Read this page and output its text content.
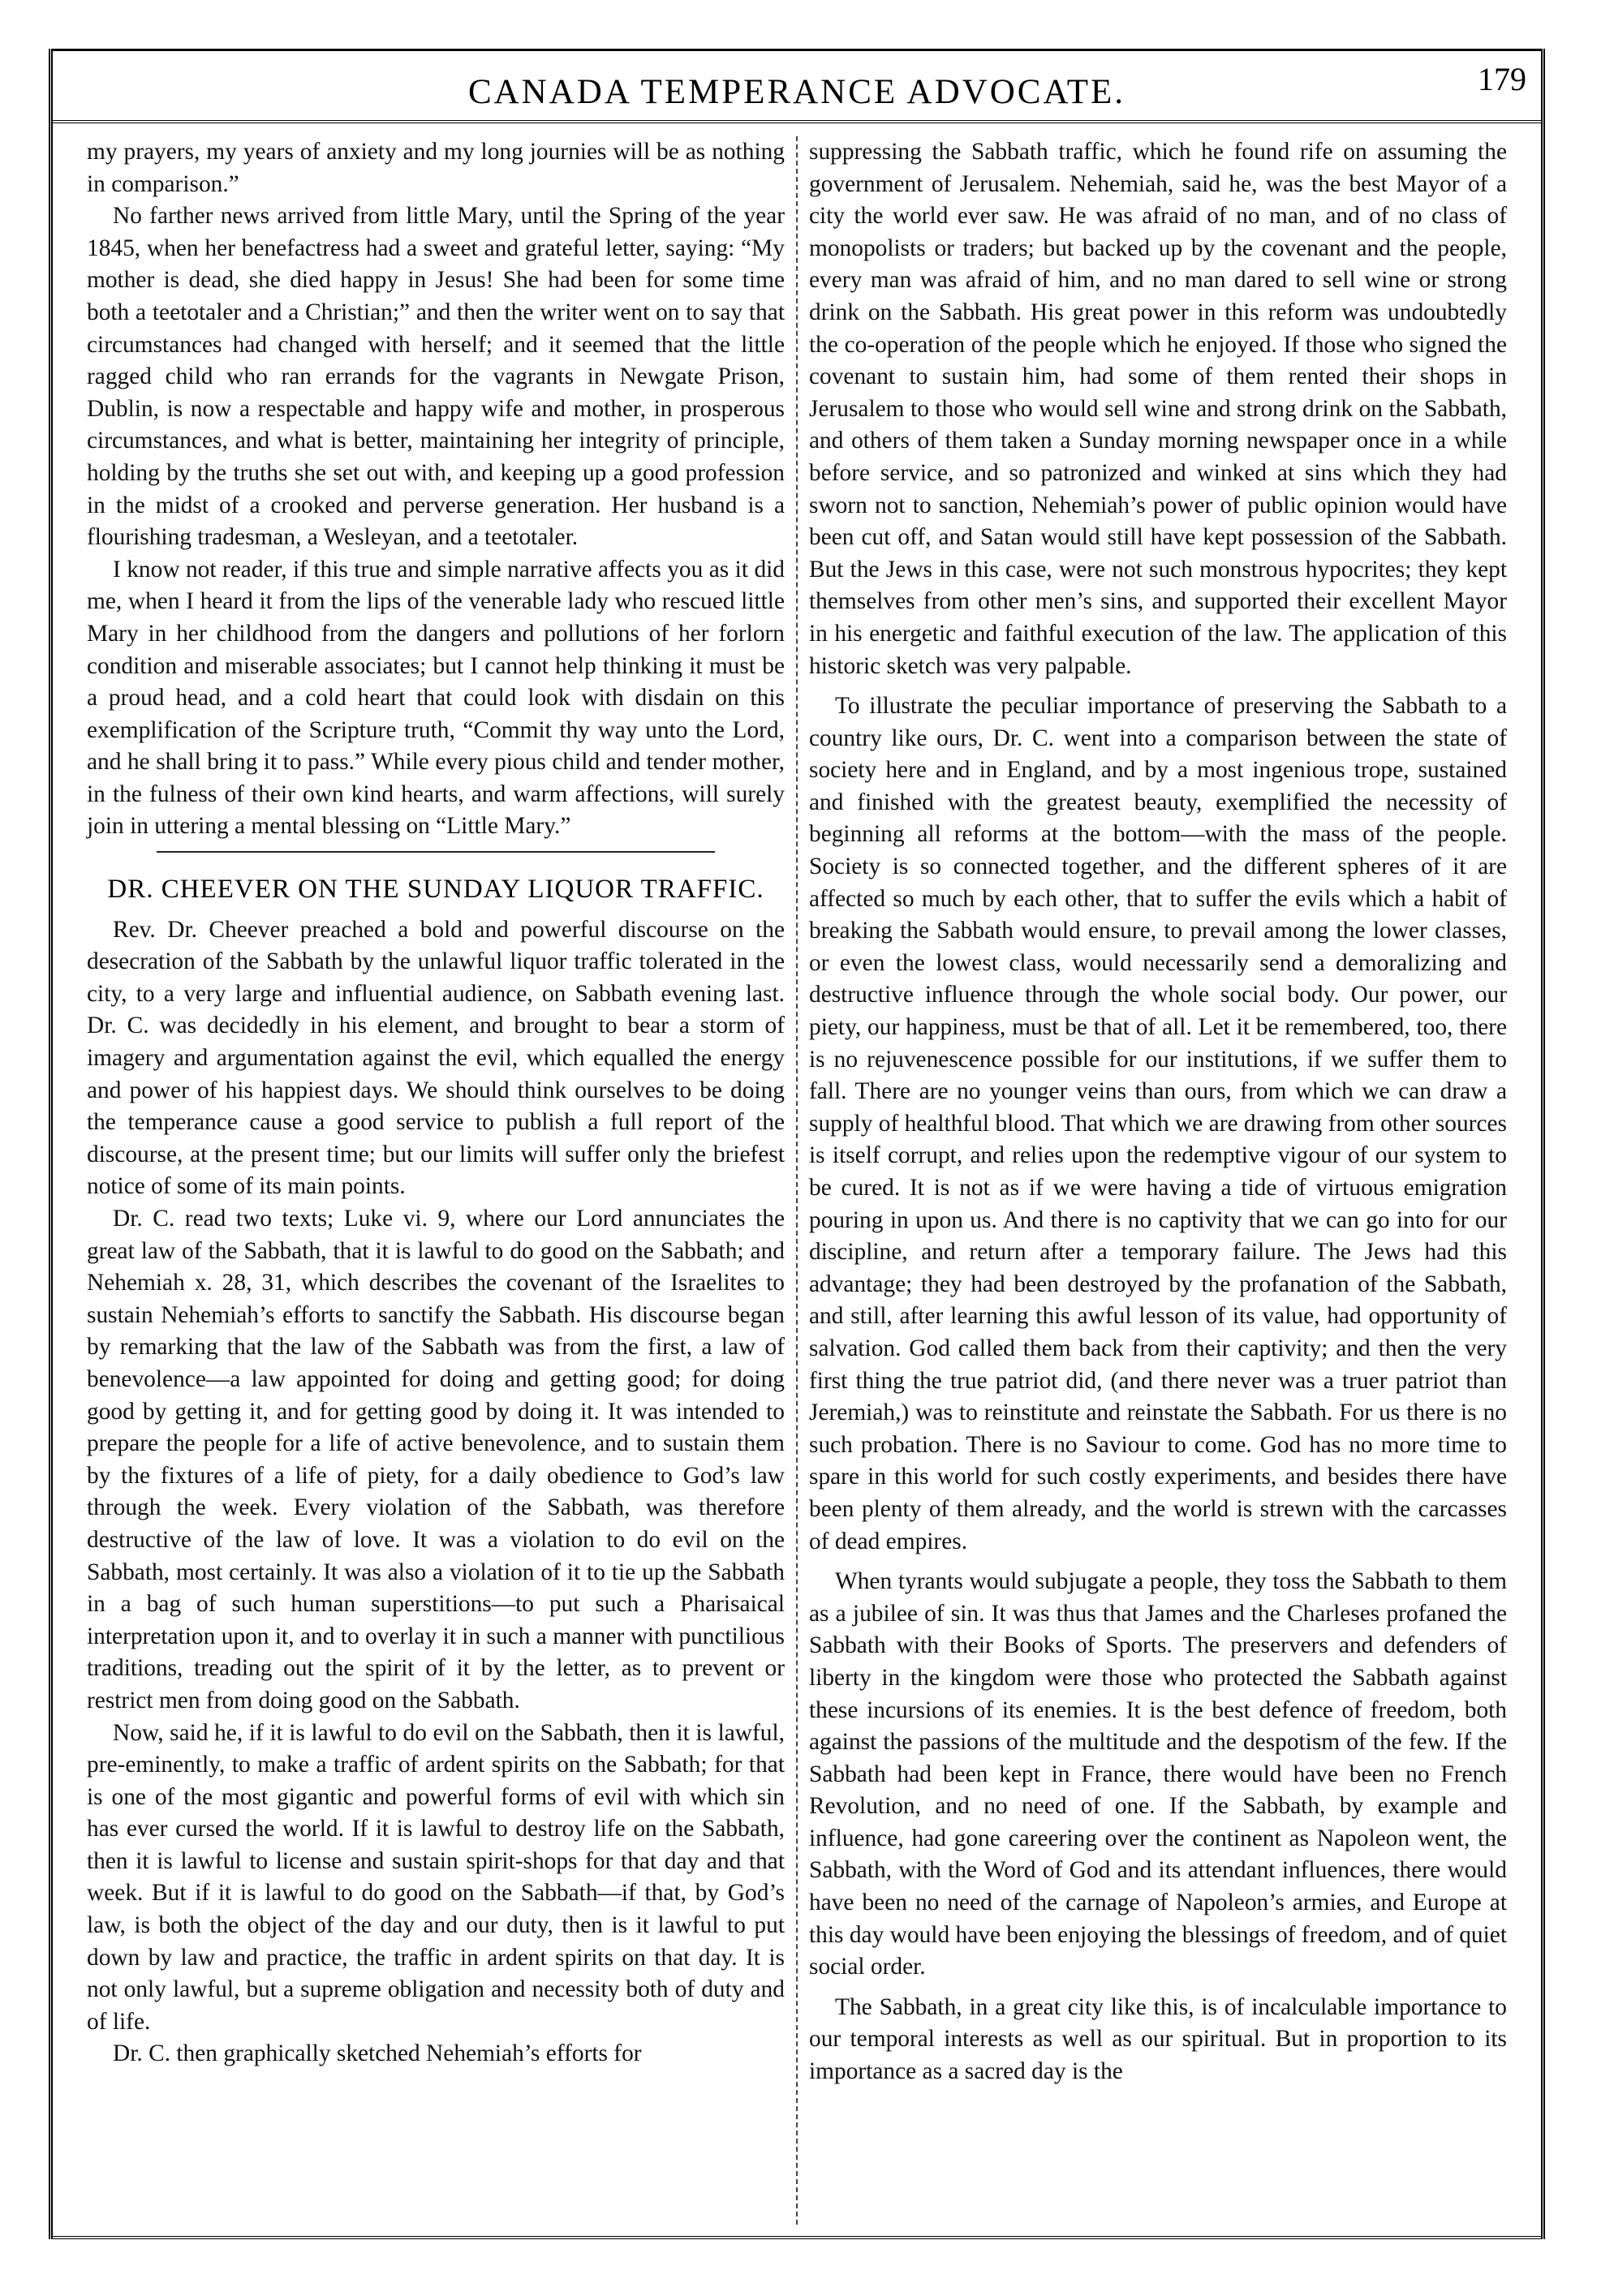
CANADA TEMPERANCE ADVOCATE.	179

my prayers, my years of anxiety and my long journies will be as nothing in comparison.”

No farther news arrived from little Mary, until the Spring of the year 1845, when her benefactress had a sweet and grateful letter, saying: “My mother is dead, she died happy in Jesus! She had been for some time both a teetotaler and a Christian;” and then the writer went on to say that circumstances had changed with herself; and it seemed that the little ragged child who ran errands for the vagrants in Newgate Prison, Dublin, is now a respectable and happy wife and mother, in prosperous circumstances, and what is better, maintaining her integrity of principle, holding by the truths she set out with, and keeping up a good profession in the midst of a crooked and perverse generation. Her husband is a flourishing tradesman, a Wesleyan, and a teetotaler.

I know not reader, if this true and simple narrative affects you as it did me, when I heard it from the lips of the venerable lady who rescued little Mary in her childhood from the dangers and pollutions of her forlorn condition and miserable associates; but I cannot help thinking it must be a proud head, and a cold heart that could look with disdain on this exemplification of the Scripture truth, “Commit thy way unto the Lord, and he shall bring it to pass.” While every pious child and tender mother, in the fulness of their own kind hearts, and warm affections, will surely join in uttering a mental blessing on “Little Mary.”

DR. CHEEVER ON THE SUNDAY LIQUOR TRAFFIC.

Rev. Dr. Cheever preached a bold and powerful discourse on the desecration of the Sabbath by the unlawful liquor traffic tolerated in the city, to a very large and influential audience, on Sabbath evening last. Dr. C. was decidedly in his element, and brought to bear a storm of imagery and argumentation against the evil, which equalled the energy and power of his happiest days. We should think ourselves to be doing the temperance cause a good service to publish a full report of the discourse, at the present time; but our limits will suffer only the briefest notice of some of its main points.

Dr. C. read two texts; Luke vi. 9, where our Lord annunciates the great law of the Sabbath, that it is lawful to do good on the Sabbath; and Nehemiah x. 28, 31, which describes the covenant of the Israelites to sustain Nehemiah’s efforts to sanctify the Sabbath. His discourse began by remarking that the law of the Sabbath was from the first, a law of benevolence—a law appointed for doing and getting good; for doing good by getting it, and for getting good by doing it. It was intended to prepare the people for a life of active benevolence, and to sustain them by the fixtures of a life of piety, for a daily obedience to God’s law through the week. Every violation of the Sabbath, was therefore destructive of the law of love. It was a violation to do evil on the Sabbath, most certainly. It was also a violation of it to tie up the Sabbath in a bag of such human superstitions—to put such a Pharisaical interpretation upon it, and to overlay it in such a manner with punctilious traditions, treading out the spirit of it by the letter, as to prevent or restrict men from doing good on the Sabbath.

Now, said he, if it is lawful to do evil on the Sabbath, then it is lawful, pre-eminently, to make a traffic of ardent spirits on the Sabbath; for that is one of the most gigantic and powerful forms of evil with which sin has ever cursed the world. If it is lawful to destroy life on the Sabbath, then it is lawful to license and sustain spirit-shops for that day and that week. But if it is lawful to do good on the Sabbath—if that, by God’s law, is both the object of the day and our duty, then is it lawful to put down by law and practice, the traffic in ardent spirits on that day. It is not only lawful, but a supreme obligation and necessity both of duty and of life.

Dr. C. then graphically sketched Nehemiah’s efforts for

suppressing the Sabbath traffic, which he found rife on assuming the government of Jerusalem. Nehemiah, said he, was the best Mayor of a city the world ever saw. He was afraid of no man, and of no class of monopolists or traders; but backed up by the covenant and the people, every man was afraid of him, and no man dared to sell wine or strong drink on the Sabbath. His great power in this reform was undoubtedly the co-operation of the people which he enjoyed. If those who signed the covenant to sustain him, had some of them rented their shops in Jerusalem to those who would sell wine and strong drink on the Sabbath, and others of them taken a Sunday morning newspaper once in a while before service, and so patronized and winked at sins which they had sworn not to sanction, Nehemiah’s power of public opinion would have been cut off, and Satan would still have kept possession of the Sabbath. But the Jews in this case, were not such monstrous hypocrites; they kept themselves from other men’s sins, and supported their excellent Mayor in his energetic and faithful execution of the law. The application of this historic sketch was very palpable.

To illustrate the peculiar importance of preserving the Sabbath to a country like ours, Dr. C. went into a comparison between the state of society here and in England, and by a most ingenious trope, sustained and finished with the greatest beauty, exemplified the necessity of beginning all reforms at the bottom—with the mass of the people. Society is so connected together, and the different spheres of it are affected so much by each other, that to suffer the evils which a habit of breaking the Sabbath would ensure, to prevail among the lower classes, or even the lowest class, would necessarily send a demoralizing and destructive influence through the whole social body. Our power, our piety, our happiness, must be that of all. Let it be remembered, too, there is no rejuvenescence possible for our institutions, if we suffer them to fall. There are no younger veins than ours, from which we can draw a supply of healthful blood. That which we are drawing from other sources is itself corrupt, and relies upon the redemptive vigour of our system to be cured. It is not as if we were having a tide of virtuous emigration pouring in upon us. And there is no captivity that we can go into for our discipline, and return after a temporary failure. The Jews had this advantage; they had been destroyed by the profanation of the Sabbath, and still, after learning this awful lesson of its value, had opportunity of salvation. God called them back from their captivity; and then the very first thing the true patriot did, (and there never was a truer patriot than Jeremiah,) was to reinstitute and reinstate the Sabbath. For us there is no such probation. There is no Saviour to come. God has no more time to spare in this world for such costly experiments, and besides there have been plenty of them already, and the world is strewn with the carcasses of dead empires.

When tyrants would subjugate a people, they toss the Sabbath to them as a jubilee of sin. It was thus that James and the Charleses profaned the Sabbath with their Books of Sports. The preservers and defenders of liberty in the kingdom were those who protected the Sabbath against these incursions of its enemies. It is the best defence of freedom, both against the passions of the multitude and the despotism of the few. If the Sabbath had been kept in France, there would have been no French Revolution, and no need of one. If the Sabbath, by example and influence, had gone careering over the continent as Napoleon went, the Sabbath, with the Word of God and its attendant influences, there would have been no need of the carnage of Napoleon’s armies, and Europe at this day would have been enjoying the blessings of freedom, and of quiet social order.

The Sabbath, in a great city like this, is of incalculable importance to our temporal interests as well as our spiritual. But in proportion to its importance as a sacred day is the
